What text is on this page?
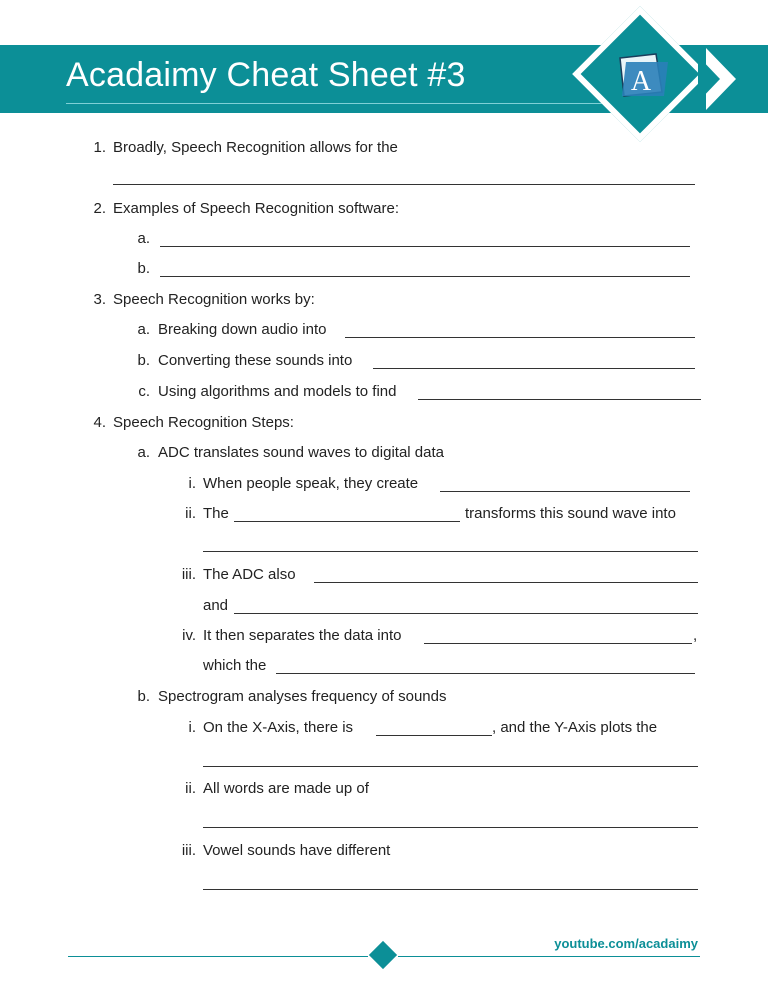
Acadaimy Cheat Sheet #3	A
1. Broadly, Speech Recognition allows for the
2. Examples of Speech Recognition software:
a.
b.
3. Speech Recognition works by:
a. Breaking down audio into
b. Converting these sounds into
c. Using algorithms and models to find
4. Speech Recognition Steps:
a. ADC translates sound waves to digital data
i. When people speak, they create
ii. The	transforms this sound wave into
iii. The ADC also
and
iv. It then separates the data into	,
which the
b. Spectrogram analyses frequency of sounds
i. On the X-Axis, there is	, and the Y-Axis plots the
ii. All words are made up of
iii. Vowel sounds have different
youtube.com/acadaimy
